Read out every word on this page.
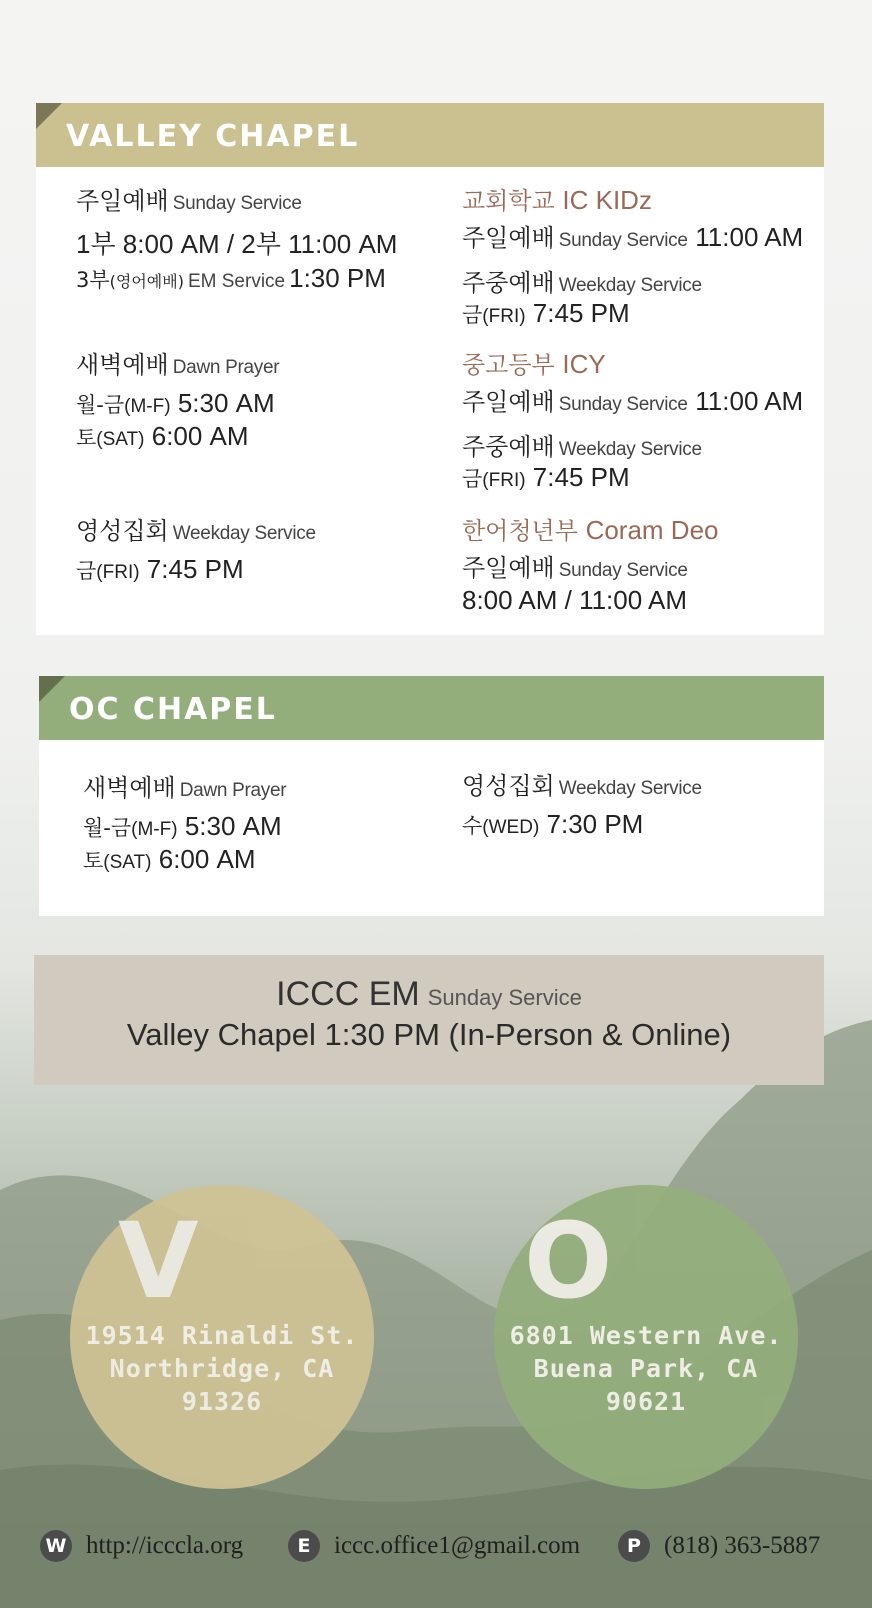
VALLEY CHAPEL
주일예배 Sunday Service
1부 8:00 AM / 2부 11:00 AM
3부(영어예배) EM Service 1:30 PM
새벽예배 Dawn Prayer
월-금(M-F) 5:30 AM
토(SAT) 6:00 AM
영성집회 Weekday Service
금(FRI) 7:45 PM
교회학교 IC KIDz
주일예배 Sunday Service 11:00 AM
주중예배 Weekday Service
금(FRI) 7:45 PM
중고등부 ICY
주일예배 Sunday Service 11:00 AM
주중예배 Weekday Service
금(FRI) 7:45 PM
한어청년부 Coram Deo
주일예배 Sunday Service
8:00 AM / 11:00 AM
OC CHAPEL
새벽예배 Dawn Prayer
월-금(M-F) 5:30 AM
토(SAT) 6:00 AM
영성집회 Weekday Service
수(WED) 7:30 PM
ICCC EM Sunday Service
Valley Chapel 1:30 PM (In-Person & Online)
V
19514 Rinaldi St.
Northridge, CA
91326
O
6801 Western Ave.
Buena Park, CA
90621
W http://icccla.org	E iccc.office1@gmail.com	P (818) 363-5887
